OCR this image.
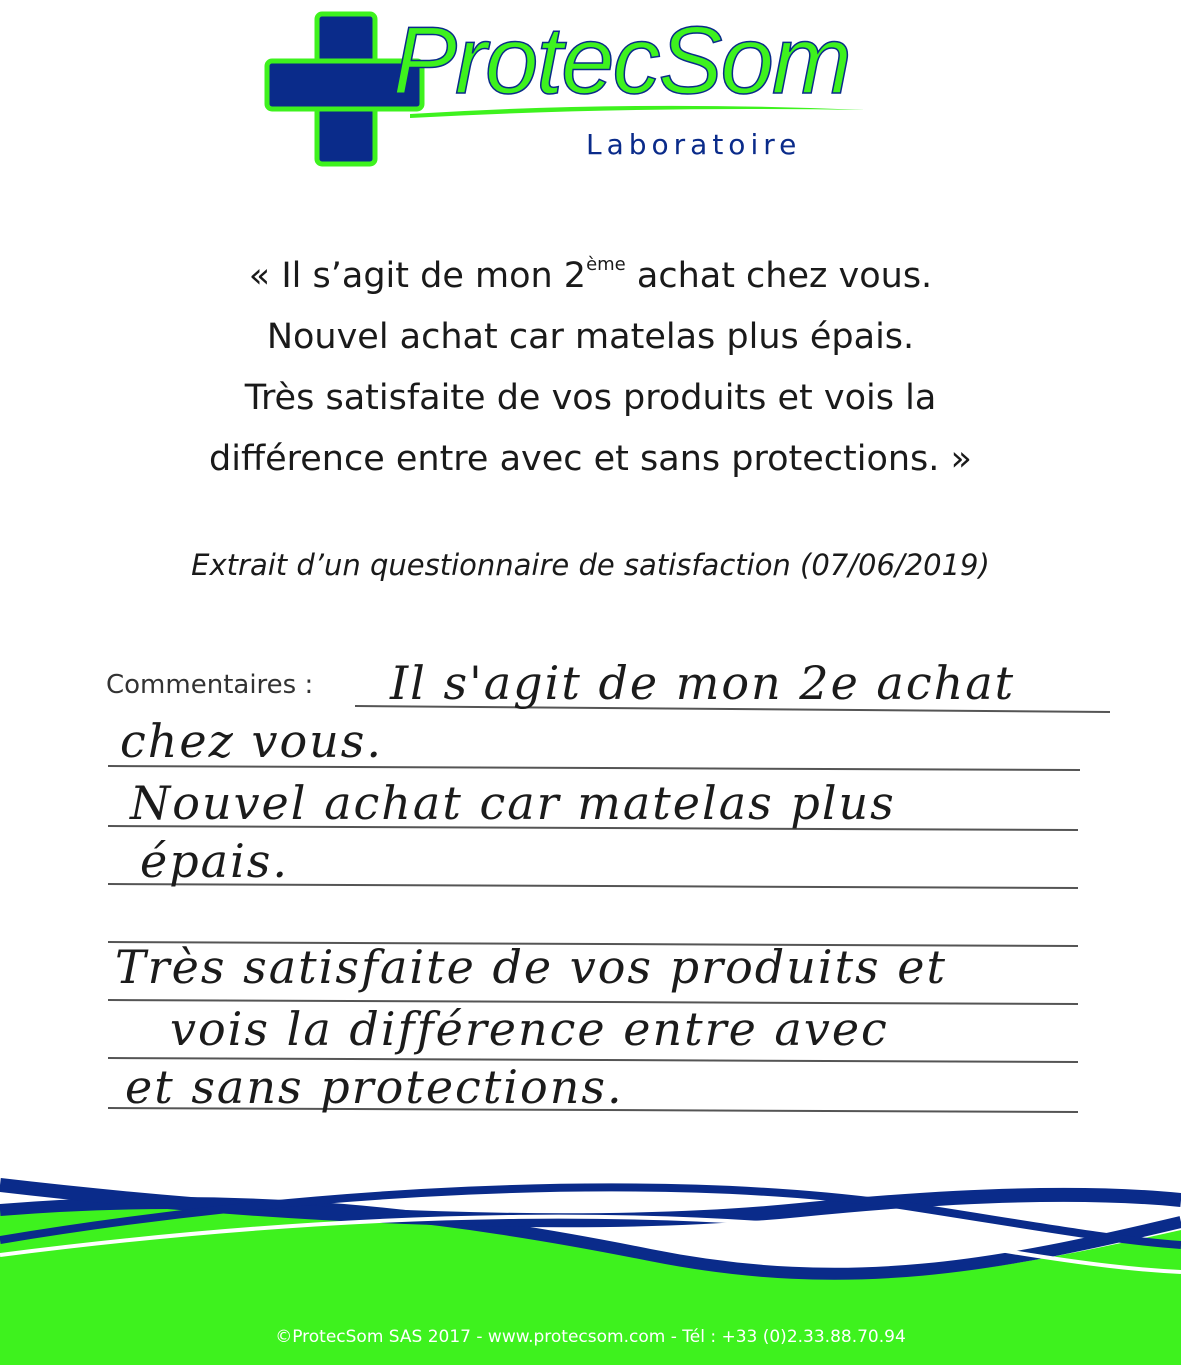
ProtecSom
Laboratoire
« Il s’agit de mon 2ème achat chez vous.
Nouvel achat car matelas plus épais.
Très satisfaite de vos produits et vois la
différence entre avec et sans protections. »
Extrait d’un questionnaire de satisfaction (07/06/2019)
Commentaires : Il s'agit de mon 2e achat
chez vous.
Nouvel achat car matelas plus
épais.
Très satisfaite de vos produits et
vois la différence entre avec
et sans protections.
©ProtecSom SAS 2017 - www.protecsom.com - Tél : +33 (0)2.33.88.70.94
